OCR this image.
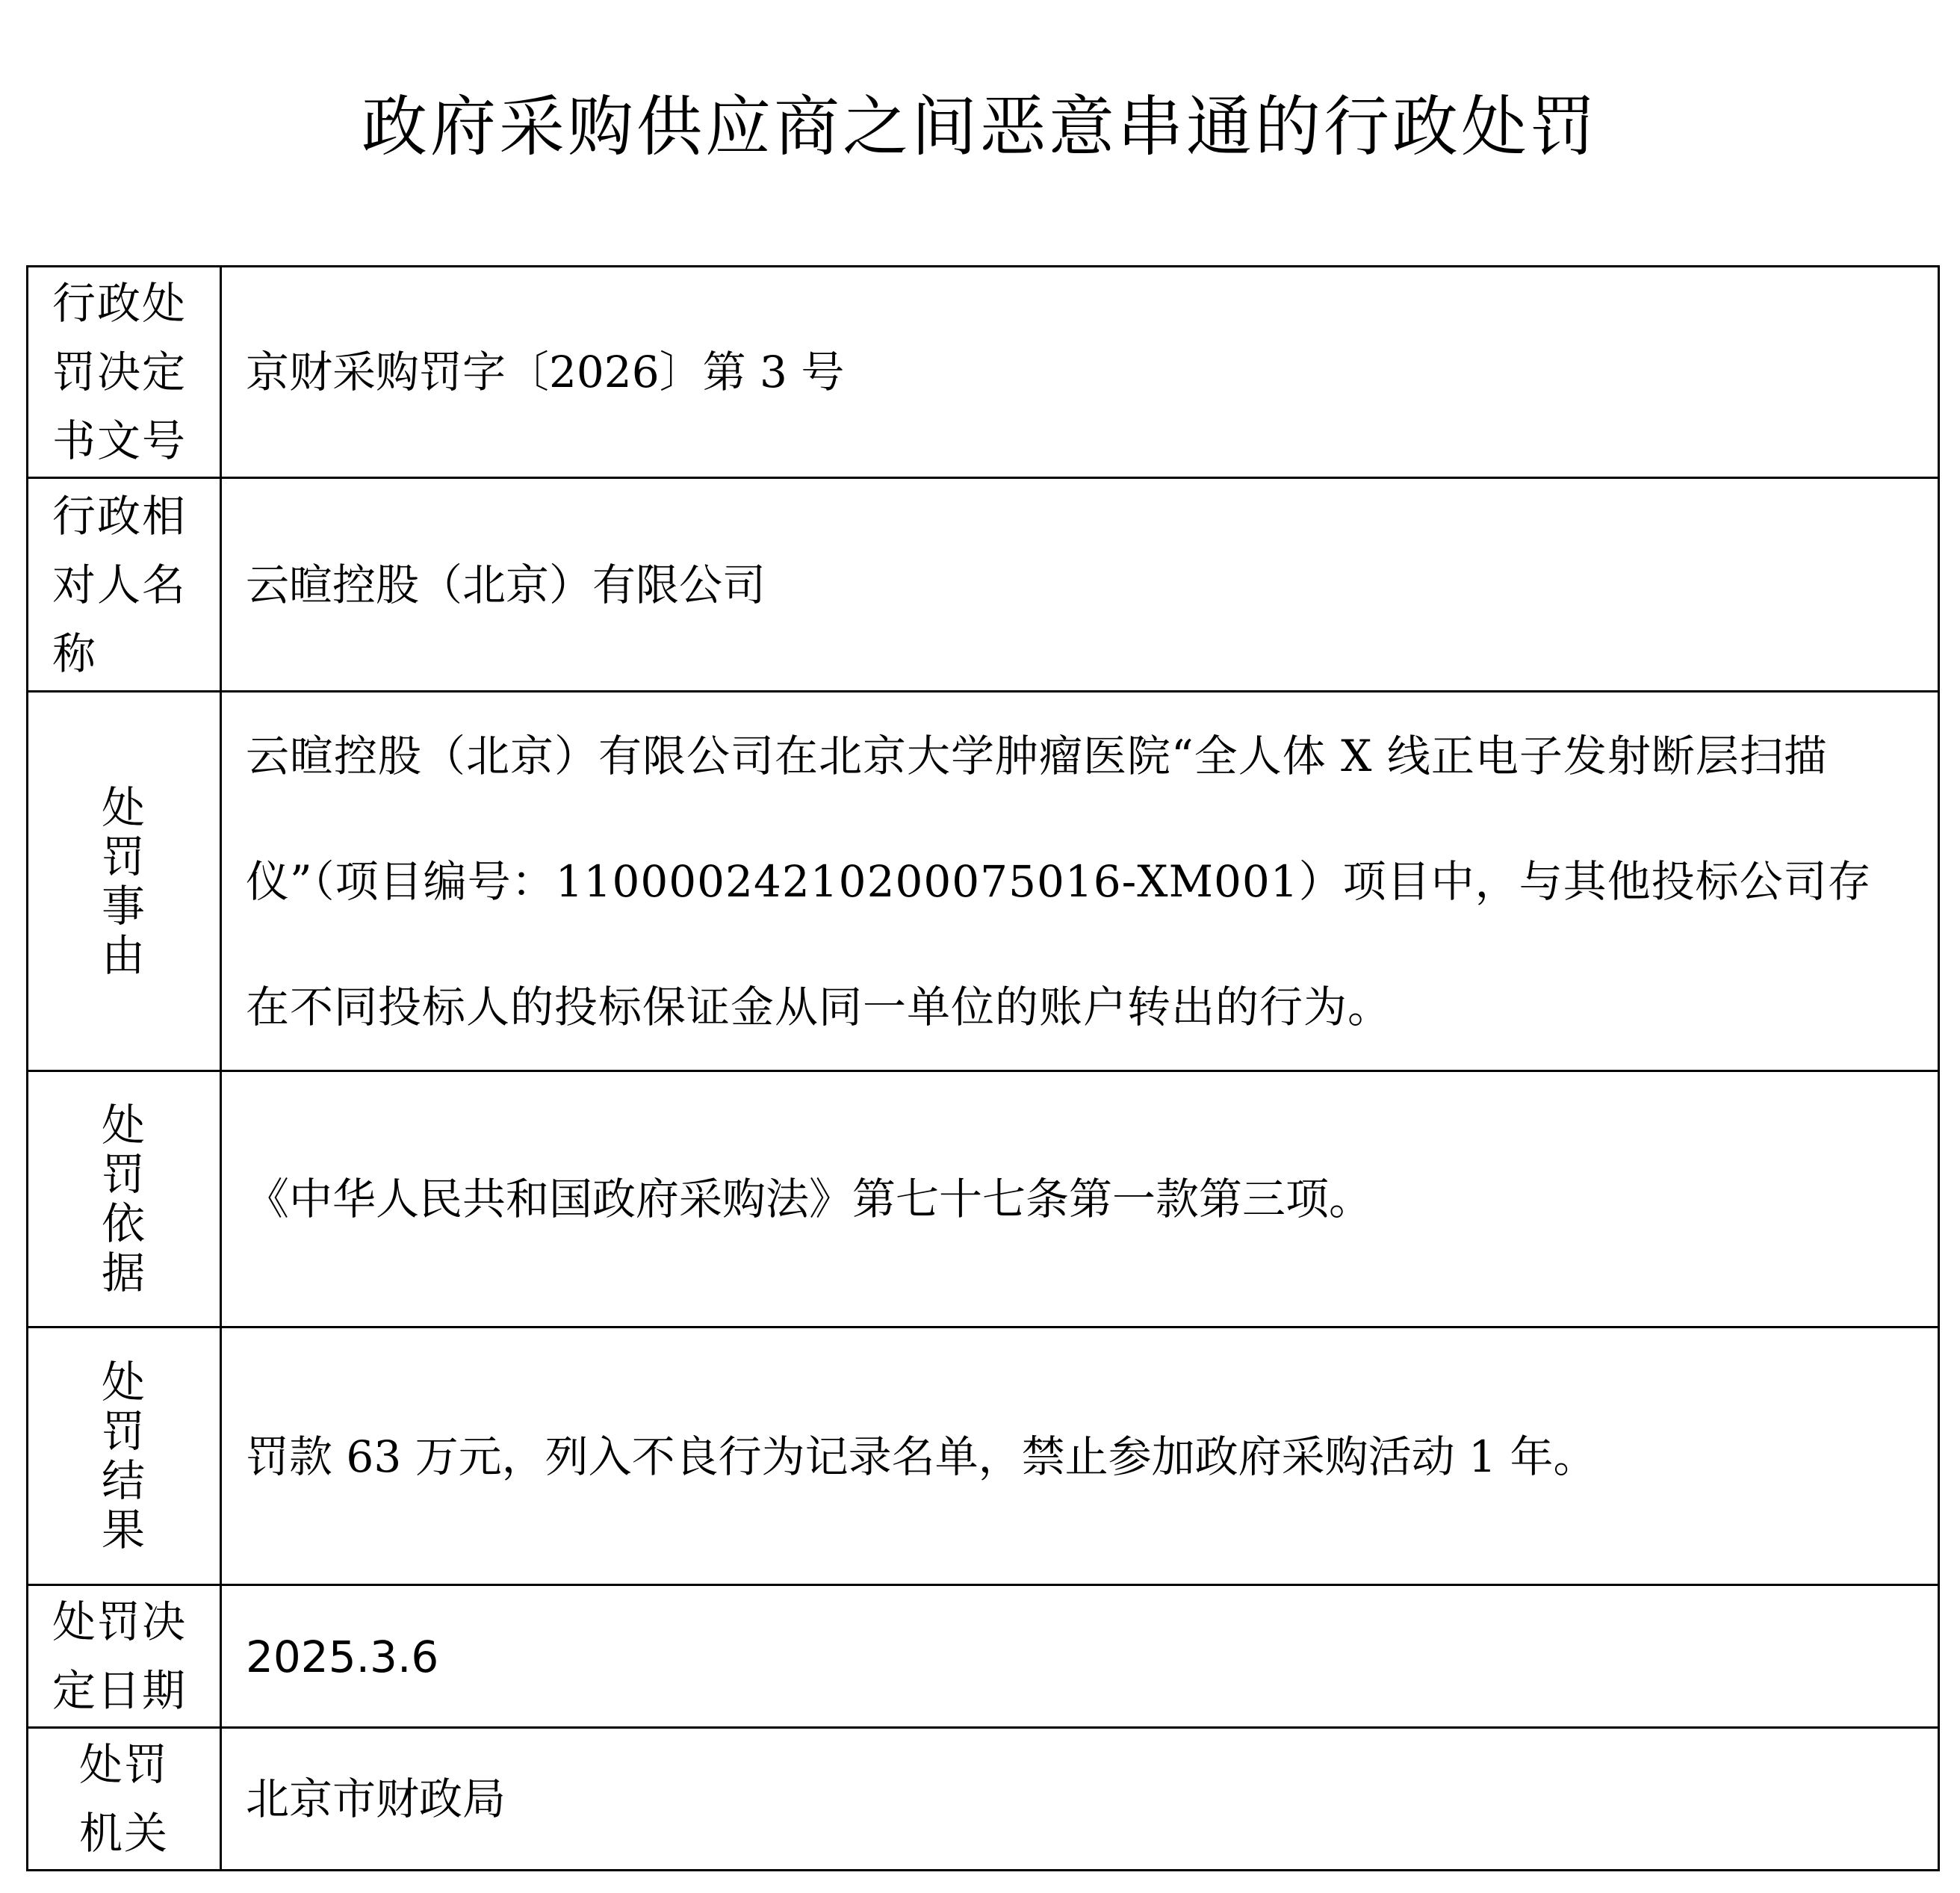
政府采购供应商之间恶意串通的行政处罚
行政处罚决定书文号	京财采购罚字〔2026〕第 3 号

行政相对人名称	云暄控股（北京）有限公司

处罚事由	云暄控股（北京）有限公司在北京大学肿瘤医院“全人体 X 线正电子发射断层扫描仪”（项目编号：11000024210200075016-XM001）项目中，与其他投标公司存在不同投标人的投标保证金从同一单位的账户转出的行为。

处罚依据	《中华人民共和国政府采购法》第七十七条第一款第三项。

处罚结果	罚款 63 万元，列入不良行为记录名单，禁止参加政府采购活动 1 年。

处罚决定日期	2025.3.6

处罚机关	北京市财政局
